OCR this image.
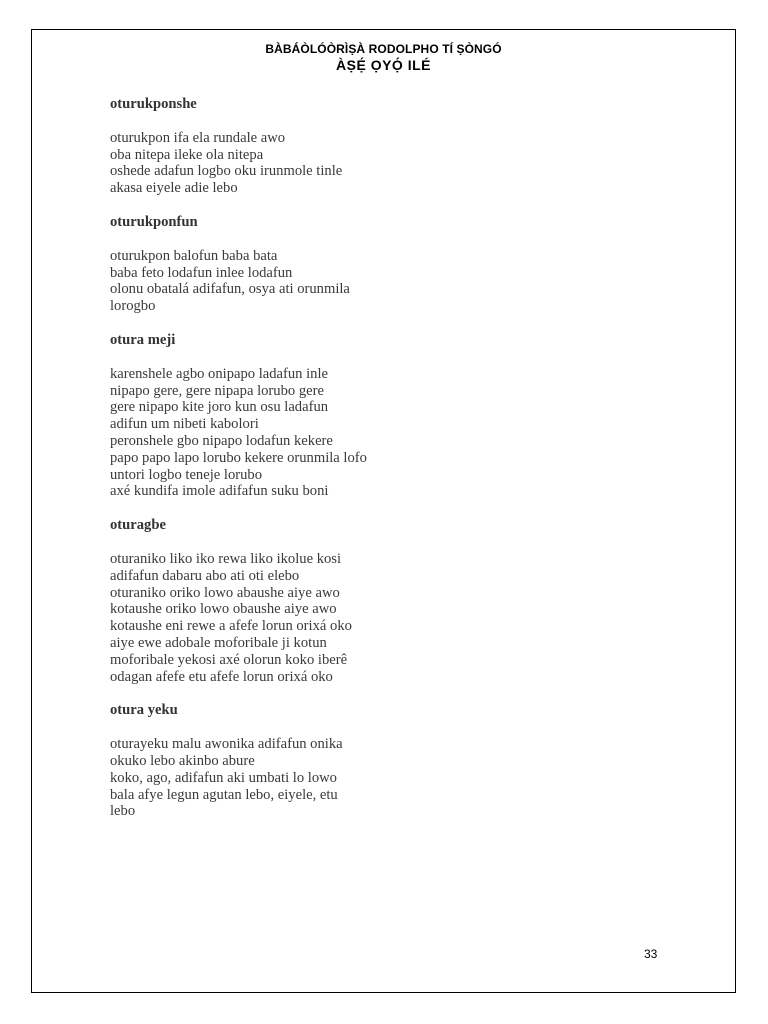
BÀBÁÒLÓÒRÌṢÀ RODOLPHO TÍ ṢÒNGÓ
ÀṢẸ́ ỌYỌ́ ILÉ

oturukponshe

oturukpon ifa ela rundale awo
oba nitepa ileke ola nitepa
oshede adafun logbo oku irunmole tinle
akasa eiyele adie lebo

oturukponfun

oturukpon balofun baba bata
baba feto lodafun inlee lodafun
olonu obatalá adifafun, osya ati orunmila
lorogbo

otura meji

karenshele agbo onipapo ladafun inle
nipapo gere, gere nipapa lorubo gere
gere nipapo kite joro kun osu ladafun
adifun um nibeti kabolori
peronshele gbo nipapo lodafun kekere
papo papo lapo lorubo kekere orunmila lofo
untori logbo teneje lorubo
axé kundifa imole adifafun suku boni

oturagbe

oturaniko liko iko rewa liko ikolue kosi
adifafun dabaru abo ati oti elebo
oturaniko oriko lowo abaushe aiye awo
kotaushe oriko lowo obaushe aiye awo
kotaushe eni rewe a afefe lorun orixá oko
aiye ewe adobale moforibale ji kotun
moforibale yekosi axé olorun koko iberê
odagan afefe etu afefe lorun orixá oko

otura yeku

oturayeku malu awonika adifafun onika
okuko lebo akinbo abure
koko, ago, adifafun aki umbati lo lowo
bala afye legun agutan lebo, eiyele, etu
lebo
33
